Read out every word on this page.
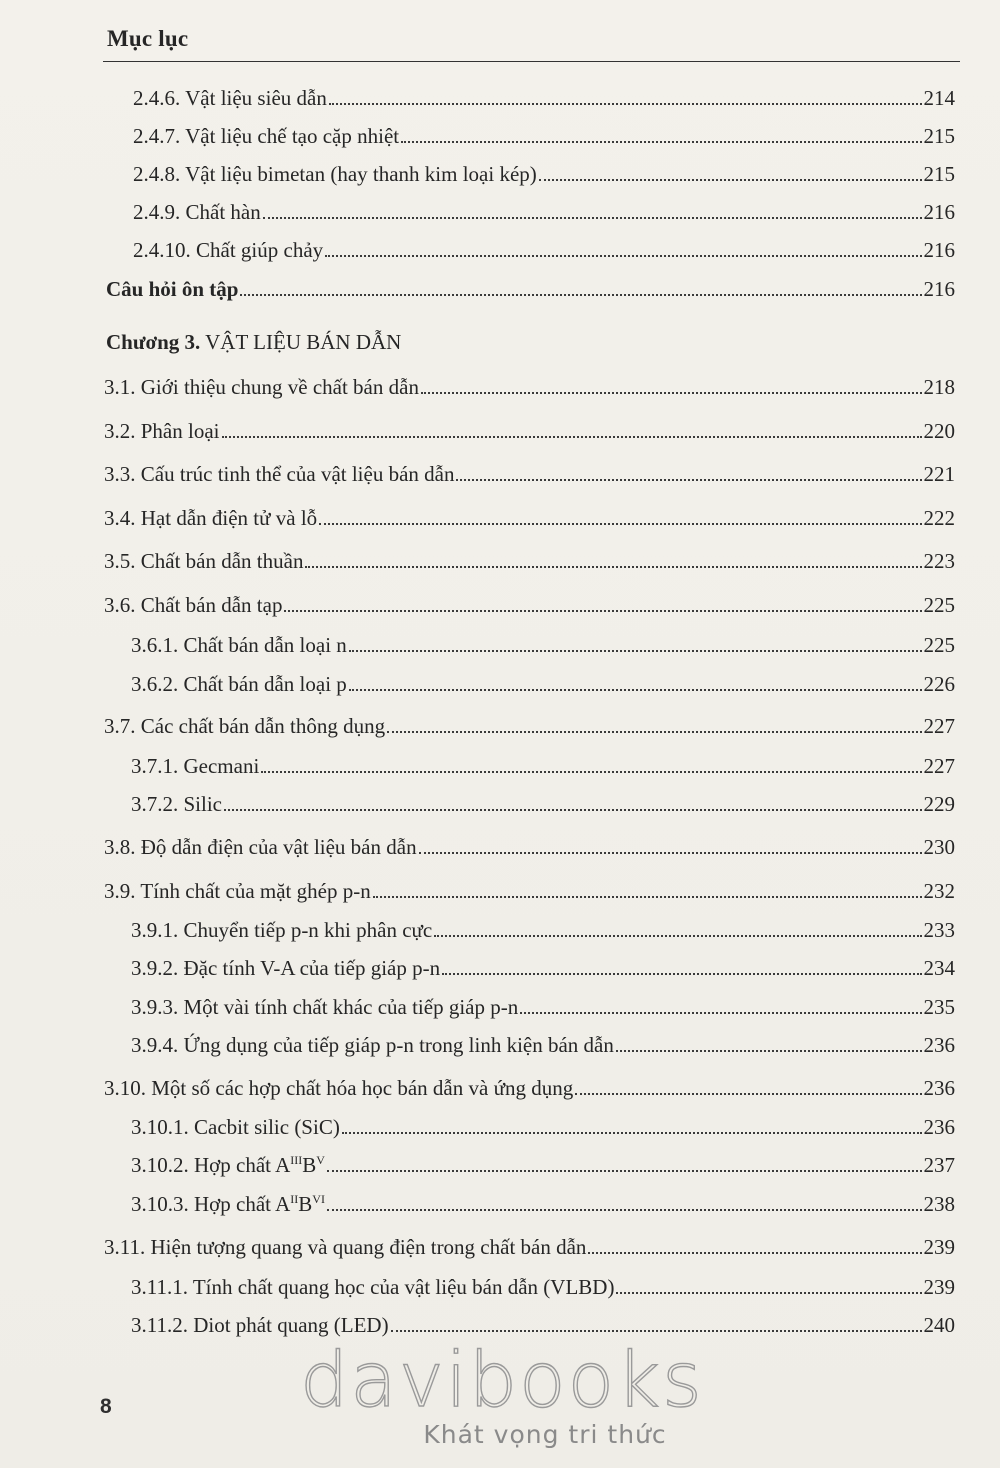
Mục lục
2.4.6. Vật liệu siêu dẫn	214
2.4.7. Vật liệu chế tạo cặp nhiệt	215
2.4.8. Vật liệu bimetan (hay thanh kim loại kép)	215
2.4.9. Chất hàn	216
2.4.10. Chất giúp chảy	216
Câu hỏi ôn tập	216
Chương 3. VẬT LIỆU BÁN DẪN
3.1. Giới thiệu chung về chất bán dẫn	218
3.2. Phân loại	220
3.3. Cấu trúc tinh thể của vật liệu bán dẫn	221
3.4. Hạt dẫn điện tử và lỗ	222
3.5. Chất bán dẫn thuần	223
3.6. Chất bán dẫn tạp	225
3.6.1. Chất bán dẫn loại n	225
3.6.2. Chất bán dẫn loại p	226
3.7. Các chất bán dẫn thông dụng	227
3.7.1. Gecmani	227
3.7.2. Silic	229
3.8. Độ dẫn điện của vật liệu bán dẫn	230
3.9. Tính chất của mặt ghép p-n	232
3.9.1. Chuyển tiếp p-n khi phân cực	233
3.9.2. Đặc tính V-A của tiếp giáp p-n	234
3.9.3. Một vài tính chất khác của tiếp giáp p-n	235
3.9.4. Ứng dụng của tiếp giáp p-n trong linh kiện bán dẫn	236
3.10. Một số các hợp chất hóa học bán dẫn và ứng dụng	236
3.10.1. Cacbit silic (SiC)	236
3.10.2. Hợp chất $A^{III}B^V$	237
3.10.3. Hợp chất $A^{II}B^{VI}$	238
3.11. Hiện tượng quang và quang điện trong chất bán dẫn	239
3.11.1. Tính chất quang học của vật liệu bán dẫn (VLBD)	239
3.11.2. Diot phát quang (LED)	240
8 davibooks
Khát vọng tri thức
